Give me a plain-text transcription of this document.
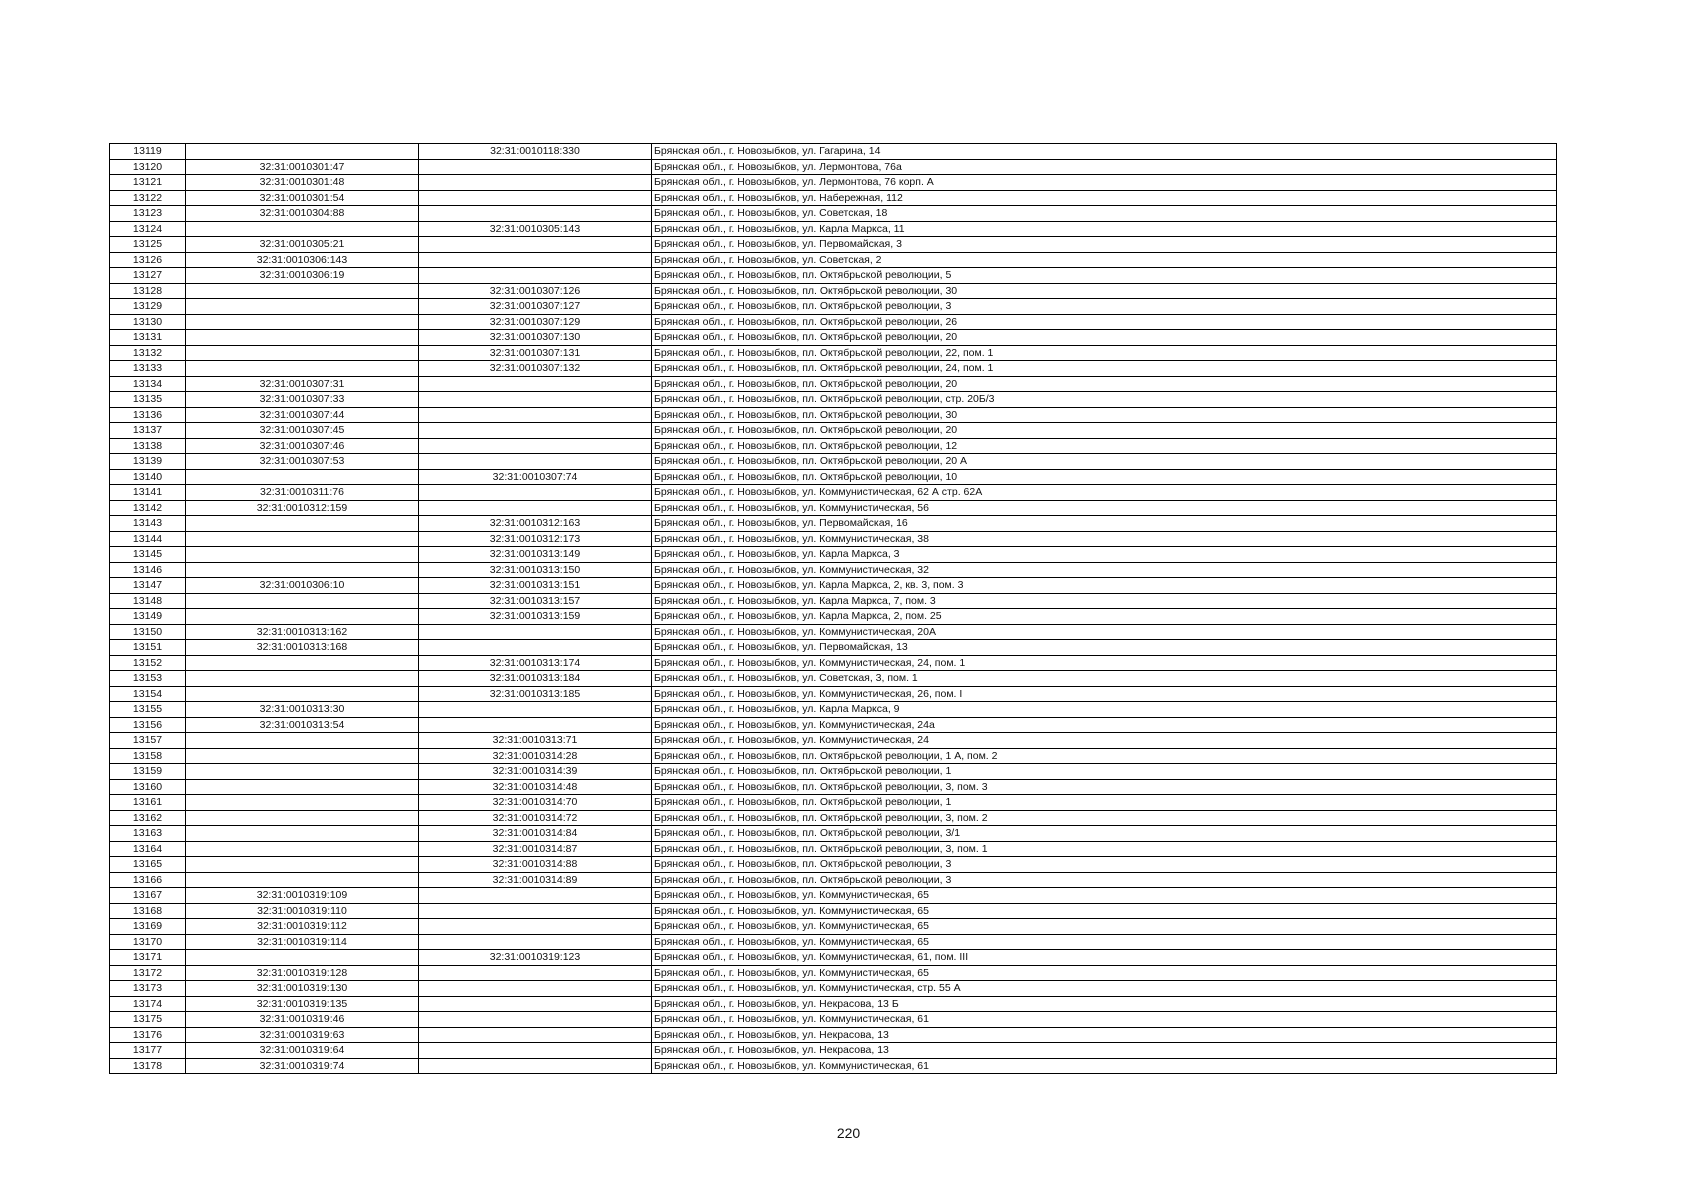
13119		32:31:0010118:330	Брянская обл., г. Новозыбков, ул. Гагарина, 14
13120	32:31:0010301:47		Брянская обл., г. Новозыбков, ул. Лермонтова, 76а
13121	32:31:0010301:48		Брянская обл., г. Новозыбков, ул. Лермонтова, 76 корп. А
13122	32:31:0010301:54		Брянская обл., г. Новозыбков, ул. Набережная, 112
13123	32:31:0010304:88		Брянская обл., г. Новозыбков, ул. Советская, 18
13124		32:31:0010305:143	Брянская обл., г. Новозыбков, ул. Карла Маркса, 11
13125	32:31:0010305:21		Брянская обл., г. Новозыбков, ул. Первомайская, 3
13126	32:31:0010306:143		Брянская обл., г. Новозыбков, ул. Советская, 2
13127	32:31:0010306:19		Брянская обл., г. Новозыбков, пл. Октябрьской революции, 5
13128		32:31:0010307:126	Брянская обл., г. Новозыбков, пл. Октябрьской революции, 30
13129		32:31:0010307:127	Брянская обл., г. Новозыбков, пл. Октябрьской революции, 3
13130		32:31:0010307:129	Брянская обл., г. Новозыбков, пл. Октябрьской революции, 26
13131		32:31:0010307:130	Брянская обл., г. Новозыбков, пл. Октябрьской революции, 20
13132		32:31:0010307:131	Брянская обл., г. Новозыбков, пл. Октябрьской революции, 22, пом. 1
13133		32:31:0010307:132	Брянская обл., г. Новозыбков, пл. Октябрьской революции, 24, пом. 1
13134	32:31:0010307:31		Брянская обл., г. Новозыбков, пл. Октябрьской революции, 20
13135	32:31:0010307:33		Брянская обл., г. Новозыбков, пл. Октябрьской революции, стр. 20Б/3
13136	32:31:0010307:44		Брянская обл., г. Новозыбков, пл. Октябрьской революции, 30
13137	32:31:0010307:45		Брянская обл., г. Новозыбков, пл. Октябрьской революции, 20
13138	32:31:0010307:46		Брянская обл., г. Новозыбков, пл. Октябрьской революции, 12
13139	32:31:0010307:53		Брянская обл., г. Новозыбков, пл. Октябрьской революции, 20 А
13140		32:31:0010307:74	Брянская обл., г. Новозыбков, пл. Октябрьской революции, 10
13141	32:31:0010311:76		Брянская обл., г. Новозыбков, ул. Коммунистическая, 62 А стр. 62А
13142	32:31:0010312:159		Брянская обл., г. Новозыбков, ул. Коммунистическая, 56
13143		32:31:0010312:163	Брянская обл., г. Новозыбков, ул. Первомайская, 16
13144		32:31:0010312:173	Брянская обл., г. Новозыбков, ул. Коммунистическая, 38
13145		32:31:0010313:149	Брянская обл., г. Новозыбков, ул. Карла Маркса, 3
13146		32:31:0010313:150	Брянская обл., г. Новозыбков, ул. Коммунистическая, 32
13147	32:31:0010306:10	32:31:0010313:151	Брянская обл., г. Новозыбков, ул. Карла Маркса, 2, кв. 3, пом. 3
13148		32:31:0010313:157	Брянская обл., г. Новозыбков, ул. Карла Маркса, 7, пом. 3
13149		32:31:0010313:159	Брянская обл., г. Новозыбков, ул. Карла Маркса, 2, пом. 25
13150	32:31:0010313:162		Брянская обл., г. Новозыбков, ул. Коммунистическая, 20А
13151	32:31:0010313:168		Брянская обл., г. Новозыбков, ул. Первомайская, 13
13152		32:31:0010313:174	Брянская обл., г. Новозыбков, ул. Коммунистическая, 24, пом. 1
13153		32:31:0010313:184	Брянская обл., г. Новозыбков, ул. Советская, 3, пом. 1
13154		32:31:0010313:185	Брянская обл., г. Новозыбков, ул. Коммунистическая, 26, пом. I
13155	32:31:0010313:30		Брянская обл., г. Новозыбков, ул. Карла Маркса, 9
13156	32:31:0010313:54		Брянская обл., г. Новозыбков, ул. Коммунистическая, 24а
13157		32:31:0010313:71	Брянская обл., г. Новозыбков, ул. Коммунистическая, 24
13158		32:31:0010314:28	Брянская обл., г. Новозыбков, пл. Октябрьской революции, 1 А, пом. 2
13159		32:31:0010314:39	Брянская обл., г. Новозыбков, пл. Октябрьской революции, 1
13160		32:31:0010314:48	Брянская обл., г. Новозыбков, пл. Октябрьской революции, 3, пом. 3
13161		32:31:0010314:70	Брянская обл., г. Новозыбков, пл. Октябрьской революции, 1
13162		32:31:0010314:72	Брянская обл., г. Новозыбков, пл. Октябрьской революции, 3, пом. 2
13163		32:31:0010314:84	Брянская обл., г. Новозыбков, пл. Октябрьской революции, 3/1
13164		32:31:0010314:87	Брянская обл., г. Новозыбков, пл. Октябрьской революции, 3, пом. 1
13165		32:31:0010314:88	Брянская обл., г. Новозыбков, пл. Октябрьской революции, 3
13166		32:31:0010314:89	Брянская обл., г. Новозыбков, пл. Октябрьской революции, 3
13167	32:31:0010319:109		Брянская обл., г. Новозыбков, ул. Коммунистическая, 65
13168	32:31:0010319:110		Брянская обл., г. Новозыбков, ул. Коммунистическая, 65
13169	32:31:0010319:112		Брянская обл., г. Новозыбков, ул. Коммунистическая, 65
13170	32:31:0010319:114		Брянская обл., г. Новозыбков, ул. Коммунистическая, 65
13171		32:31:0010319:123	Брянская обл., г. Новозыбков, ул. Коммунистическая, 61, пом. III
13172	32:31:0010319:128		Брянская обл., г. Новозыбков, ул. Коммунистическая, 65
13173	32:31:0010319:130		Брянская обл., г. Новозыбков, ул. Коммунистическая, стр. 55 А
13174	32:31:0010319:135		Брянская обл., г. Новозыбков, ул. Некрасова, 13 Б
13175	32:31:0010319:46		Брянская обл., г. Новозыбков, ул. Коммунистическая, 61
13176	32:31:0010319:63		Брянская обл., г. Новозыбков, ул. Некрасова, 13
13177	32:31:0010319:64		Брянская обл., г. Новозыбков, ул. Некрасова, 13
13178	32:31:0010319:74		Брянская обл., г. Новозыбков, ул. Коммунистическая, 61
220
